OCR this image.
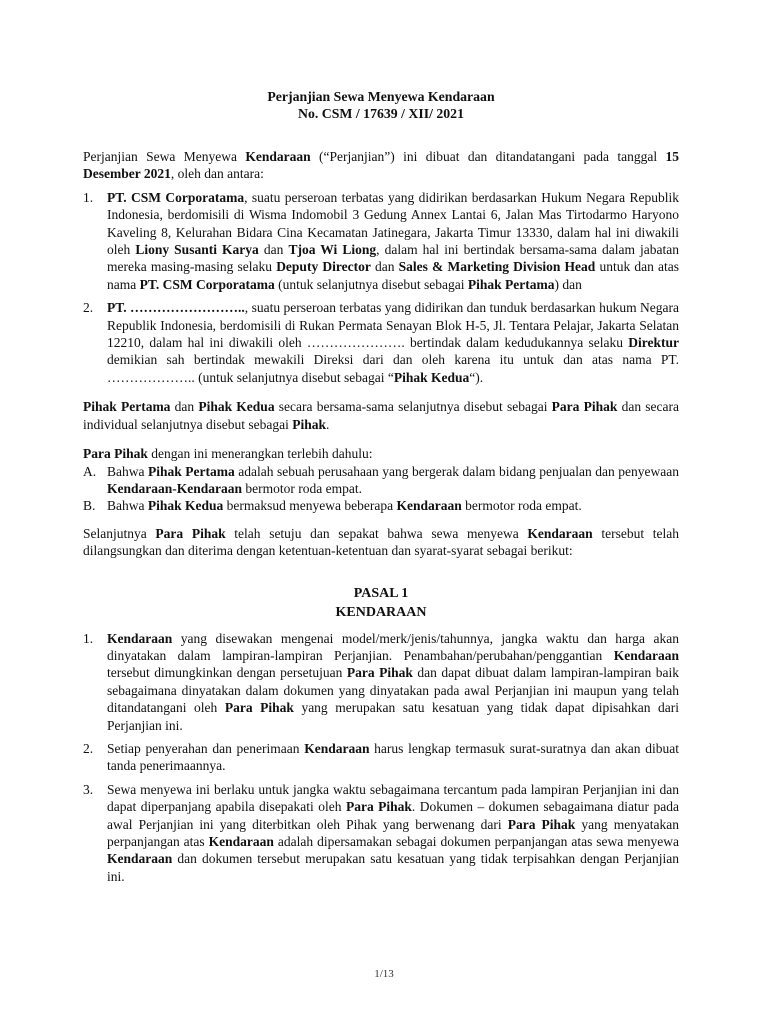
Perjanjian Sewa Menyewa Kendaraan
No. CSM / 17639 / XII/ 2021

Perjanjian Sewa Menyewa Kendaraan (“Perjanjian”) ini dibuat dan ditandatangani pada tanggal 15 Desember 2021, oleh dan antara:

1. PT. CSM Corporatama, suatu perseroan terbatas yang didirikan berdasarkan Hukum Negara Republik Indonesia, berdomisili di Wisma Indomobil 3 Gedung Annex Lantai 6, Jalan Mas Tirtodarmo Haryono Kaveling 8, Kelurahan Bidara Cina Kecamatan Jatinegara, Jakarta Timur 13330, dalam hal ini diwakili oleh Liony Susanti Karya dan Tjoa Wi Liong, dalam hal ini bertindak bersama-sama dalam jabatan mereka masing-masing selaku Deputy Director dan Sales & Marketing Division Head untuk dan atas nama PT. CSM Corporatama (untuk selanjutnya disebut sebagai Pihak Pertama) dan
2. PT. …………………….., suatu perseroan terbatas yang didirikan dan tunduk berdasarkan hukum Negara Republik Indonesia, berdomisili di Rukan Permata Senayan Blok H-5, Jl. Tentara Pelajar, Jakarta Selatan 12210, dalam hal ini diwakili oleh …………………. bertindak dalam kedudukannya selaku Direktur demikian sah bertindak mewakili Direksi dari dan oleh karena itu untuk dan atas nama PT. ……………….. (untuk selanjutnya disebut sebagai “Pihak Kedua“).

Pihak Pertama dan Pihak Kedua secara bersama-sama selanjutnya disebut sebagai Para Pihak dan secara individual selanjutnya disebut sebagai Pihak.

Para Pihak dengan ini menerangkan terlebih dahulu:

A. Bahwa Pihak Pertama adalah sebuah perusahaan yang bergerak dalam bidang penjualan dan penyewaan Kendaraan-Kendaraan bermotor roda empat.
B. Bahwa Pihak Kedua bermaksud menyewa beberapa Kendaraan bermotor roda empat.

Selanjutnya Para Pihak telah setuju dan sepakat bahwa sewa menyewa Kendaraan tersebut telah dilangsungkan dan diterima dengan ketentuan-ketentuan dan syarat-syarat sebagai berikut:

PASAL 1
KENDARAAN
1. Kendaraan yang disewakan mengenai model/merk/jenis/tahunnya, jangka waktu dan harga akan dinyatakan dalam lampiran-lampiran Perjanjian. Penambahan/perubahan/penggantian Kendaraan tersebut dimungkinkan dengan persetujuan Para Pihak dan dapat dibuat dalam lampiran-lampiran baik sebagaimana dinyatakan dalam dokumen yang dinyatakan pada awal Perjanjian ini maupun yang telah ditandatangani oleh Para Pihak yang merupakan satu kesatuan yang tidak dapat dipisahkan dari Perjanjian ini.
2. Setiap penyerahan dan penerimaan Kendaraan harus lengkap termasuk surat-suratnya dan akan dibuat tanda penerimaannya.
3. Sewa menyewa ini berlaku untuk jangka waktu sebagaimana tercantum pada lampiran Perjanjian ini dan dapat diperpanjang apabila disepakati oleh Para Pihak. Dokumen – dokumen sebagaimana diatur pada awal Perjanjian ini yang diterbitkan oleh Pihak yang berwenang dari Para Pihak yang menyatakan perpanjangan atas Kendaraan adalah dipersamakan sebagai dokumen perpanjangan atas sewa menyewa Kendaraan dan dokumen tersebut merupakan satu kesatuan yang tidak terpisahkan dengan Perjanjian ini.
1/13
